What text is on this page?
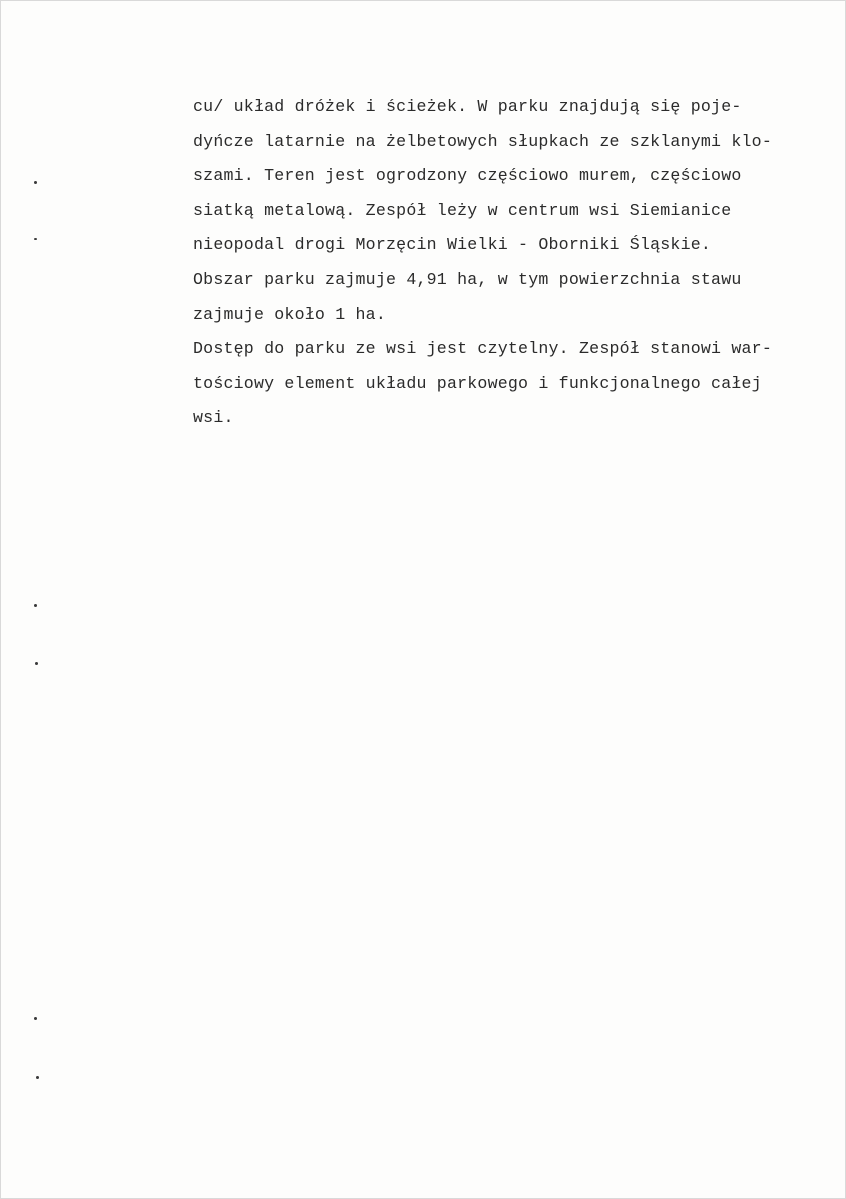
cu/ układ dróżek i ścieżek. W parku znajdują się poje-
dyńcze latarnie na żelbetowych słupkach ze szklanymi klo-
szami. Teren jest ogrodzony częściowo murem, częściowo
siatką metalową. Zespół leży w centrum wsi Siemianice
nieopodal drogi Morzęcin Wielki - Oborniki Śląskie.
Obszar parku zajmuje 4,91 ha, w tym powierzchnia stawu
zajmuje około 1 ha.
Dostęp do parku ze wsi jest czytelny. Zespół stanowi war-
tościowy element układu parkowego i funkcjonalnego całej
wsi.
